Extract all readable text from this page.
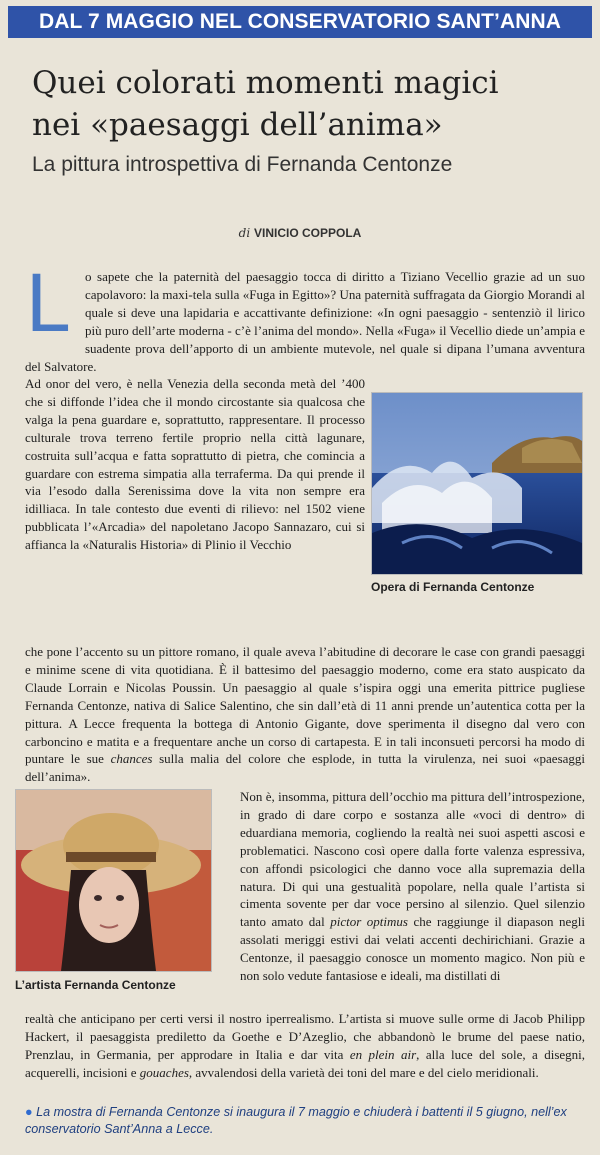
DAL 7 MAGGIO NEL CONSERVATORIO SANT’ANNA
Quei colorati momenti magici
nei «paesaggi dell’anima»
La pittura introspettiva di Fernanda Centonze
di VINICIO COPPOLA
L	o sapete che la paternità del paesaggio tocca di diritto a Tiziano Vecellio grazie ad un suo capolavoro: la maxi-tela sulla «Fuga in Egitto»? Una paternità suffragata da Giorgio Morandi al quale si deve una lapidaria e accattivante definizione: «In ogni paesaggio - sentenziò il lirico più puro dell’arte moderna - c’è l’anima del mondo». Nella «Fuga» il Vecellio diede un’ampia e suadente prova dell’apporto di un ambiente mutevole, nel quale si dipana l’umana avventura del Salvatore.

Ad onor del vero, è nella Venezia della seconda metà del ’400 che si diffonde l’idea che il mondo circostante sia qualcosa che valga la pena guardare e, soprattutto, rappresentare. Il processo culturale trova terreno fertile proprio nella città lagunare, costruita sull’acqua e fatta soprattutto di pietra, che comincia a guardare con estrema simpatia alla terraferma. Da qui prende il via l’esodo dalla Serenissima dove la vita non sempre era idilliaca. In tale contesto due eventi di rilievo: nel 1502 viene pubblicata l’«Arcadia» del napoletano Jacopo Sannazaro, cui si affianca la «Naturalis Historia» di Plinio il Vecchio

che pone l’accento su un pittore romano, il quale aveva l’abitudine di decorare le case con grandi paesaggi e minime scene di vita quotidiana. È il battesimo del paesaggio moderno, come era stato auspicato da Claude Lorrain e Nicolas Poussin. Un paesaggio al quale s’ispira oggi una emerita pittrice pugliese Fernanda Centonze, nativa di Salice Salentino, che sin dall’età di 11 anni prende un’autentica cotta per la pittura. A Lecce frequenta la bottega di Antonio Gigante, dove sperimenta il disegno dal vero con carboncino e matita e a frequentare anche un corso di cartapesta. E in tali inconsueti percorsi ha modo di puntare le sue chances sulla malia del colore che esplode, in tutta la virulenza, nei suoi «paesaggi dell’anima».

Non è, insomma, pittura dell’occhio ma pittura dell’introspezione, in grado di dare corpo e sostanza alle «voci di dentro» di eduardiana memoria, cogliendo la realtà nei suoi aspetti ascosi e problematici. Nascono così opere dalla forte valenza espressiva, con affondi psicologici che danno voce alla supremazia della natura. Di qui una gestualità popolare, nella quale l’artista si cimenta sovente per dar voce persino al silenzio. Quel silenzio tanto amato dal pictor optimus che raggiunge il diapason negli assolati meriggi estivi dai velati accenti dechirichiani. Grazie a Centonze, il paesaggio conosce un momento magico. Non più e non solo vedute fantasiose e ideali, ma distillati di

realtà che anticipano per certi versi il nostro iperrealismo. L’artista si muove sulle orme di Jacob Philipp Hackert, il paesaggista prediletto da Goethe e D’Azeglio, che abbandonò le brume del paese natio, Prenzlau, in Germania, per approdare in Italia e dar vita en plein air, alla luce del sole, a disegni, acquerelli, incisioni e gouaches, avvalendosi della varietà dei toni del mare e del cielo meridionali.

Opera di Fernanda Centonze
L’artista Fernanda Centonze
● La mostra di Fernanda Centonze si inaugura il 7 maggio e chiuderà i battenti il 5 giugno, nell’ex conservatorio Sant’Anna a Lecce.
